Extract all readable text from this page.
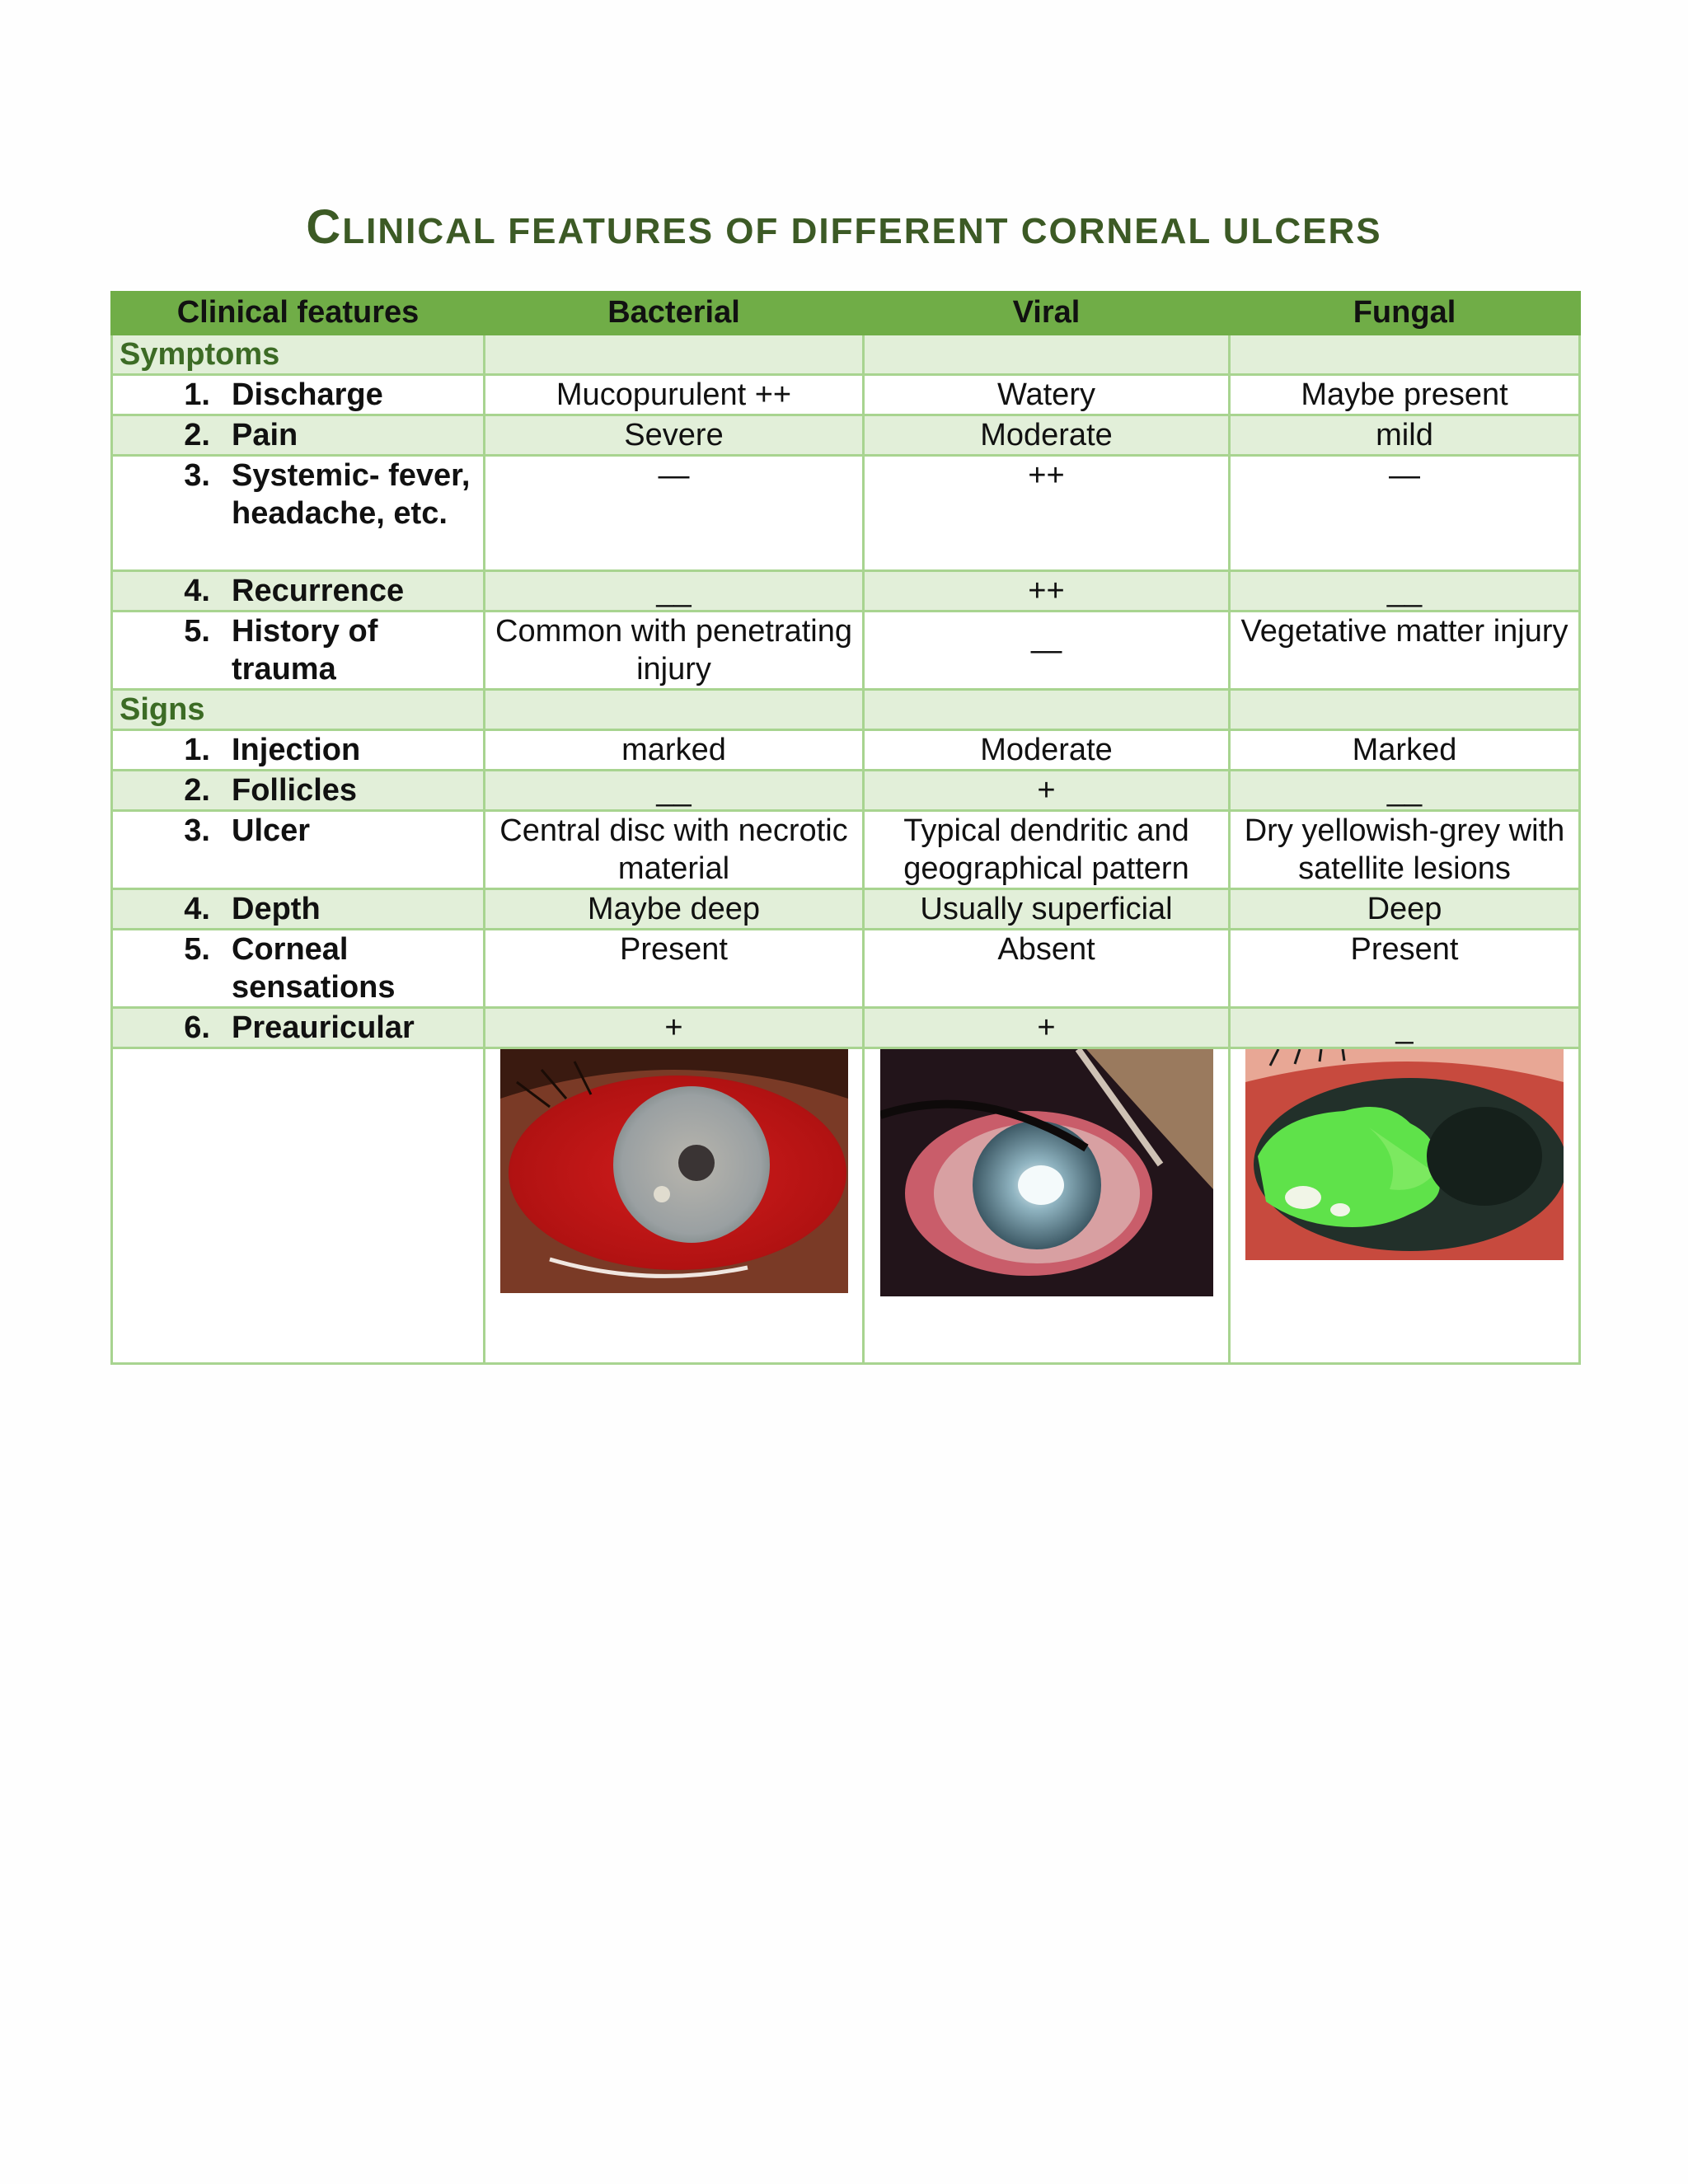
CLINICAL FEATURES OF DIFFERENT CORNEAL ULCERS
Clinical features	Bacterial	Viral	Fungal
Symptoms			
1. Discharge	Mucopurulent ++	Watery	Maybe present
2. Pain	Severe	Moderate	mild
3. Systemic- fever, headache, etc.	—	++	—
4. Recurrence	__	++	__
5. History of trauma	Common with penetrating injury	—	Vegetative matter injury
Signs			
1. Injection	marked	Moderate	Marked
2. Follicles	__	+	__
3. Ulcer	Central disc with necrotic material	Typical dendritic and geographical pattern	Dry yellowish-grey with satellite lesions
4. Depth	Maybe deep	Usually superficial	Deep
5. Corneal sensations	Present	Absent	Present
6. Preauricular	+	+	_
